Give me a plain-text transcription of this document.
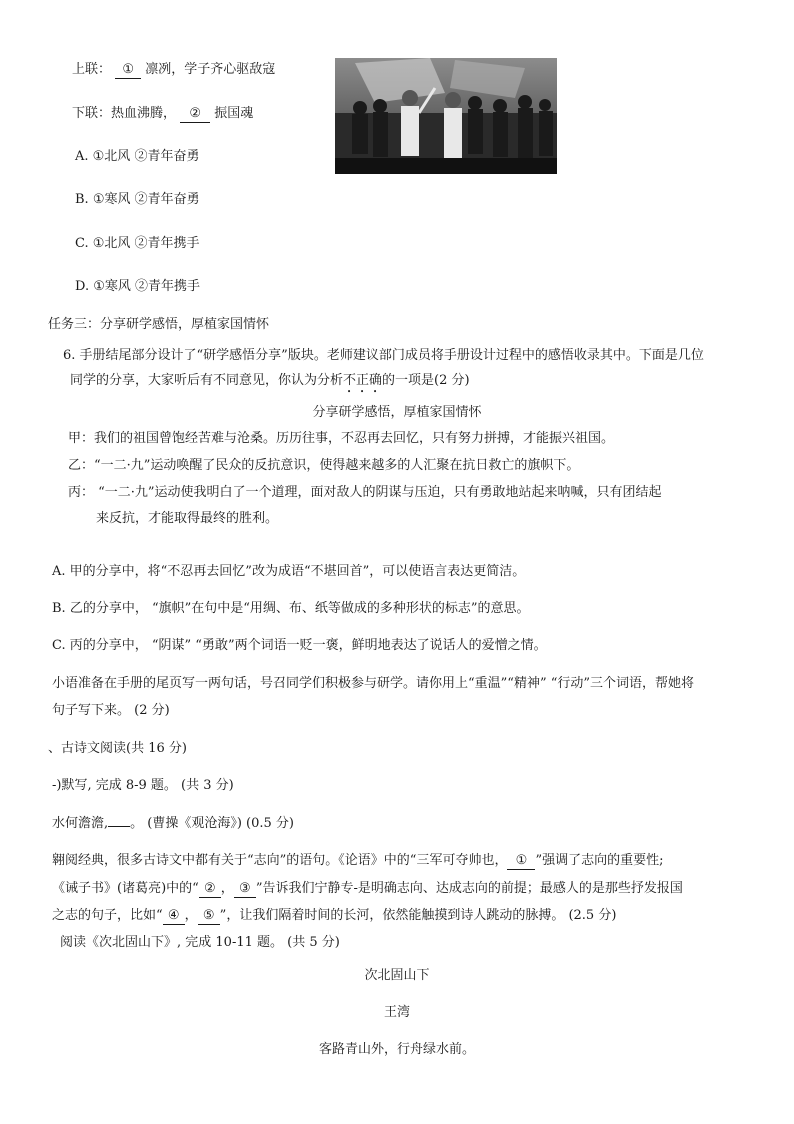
上联： ① 凛冽，学子齐心驱敌寇
下联：热血沸腾， ② 振国魂
A. ①北风 ②青年奋勇
B. ①寒风 ②青年奋勇
C. ①北风 ②青年携手
D. ①寒风 ②青年携手
任务三：分享研学感悟，厚植家国情怀
6. 手册结尾部分设计了“研学感悟分享”版块。老师建议部门成员将手册设计过程中的感悟收录其中。下面是几位
同学的分享，大家听后有不同意见，你认为分析不正确的一项是(2 分)
分享研学感悟，厚植家国情怀
甲：我们的祖国曾饱经苦难与沧桑。历历往事，不忍再去回忆，只有努力拼搏，才能振兴祖国。
乙：“一二·九”运动唤醒了民众的反抗意识，使得越来越多的人汇聚在抗日救亡的旗帜下。
丙： “一二·九”运动使我明白了一个道理，面对敌人的阴谋与压迫，只有勇敢地站起来呐喊，只有团结起
来反抗，才能取得最终的胜利。
A. 甲的分享中，将“不忍再去回忆”改为成语“不堪回首”，可以使语言表达更简洁。
B. 乙的分享中， “旗帜”在句中是“用绸、布、纸等做成的多种形状的标志”的意思。
C. 丙的分享中， “阴谋” “勇敢”两个词语一贬一褒，鲜明地表达了说话人的爱憎之情。
小语准备在手册的尾页写一两句话，号召同学们积极参与研学。请你用上“重温”“精神” “行动”三个词语，帮她将
句子写下来。 (2 分)
、古诗文阅读(共 16 分)
-)默写, 完成 8-9 题。 (共 3 分)
水何澹澹, 。 (曹操《观沧海》) (0.5 分)
翱阅经典，很多古诗文中都有关于“志向”的语句。《论语》中的“三军可夺帅也， ① ”强调了志向的重要性;
《诫子书》(诸葛亮)中的“ ② ， ③ ”告诉我们宁静专-是明确志向、达成志向的前提；最感人的是那些抒发报国
之志的句子，比如“ ④ ， ⑤ ”，让我们隔着时间的长河，依然能触摸到诗人跳动的脉搏。 (2.5 分)
阅读《次北固山下》, 完成 10-11 题。 (共 5 分)
次北固山下
王湾
客路青山外，行舟绿水前。
